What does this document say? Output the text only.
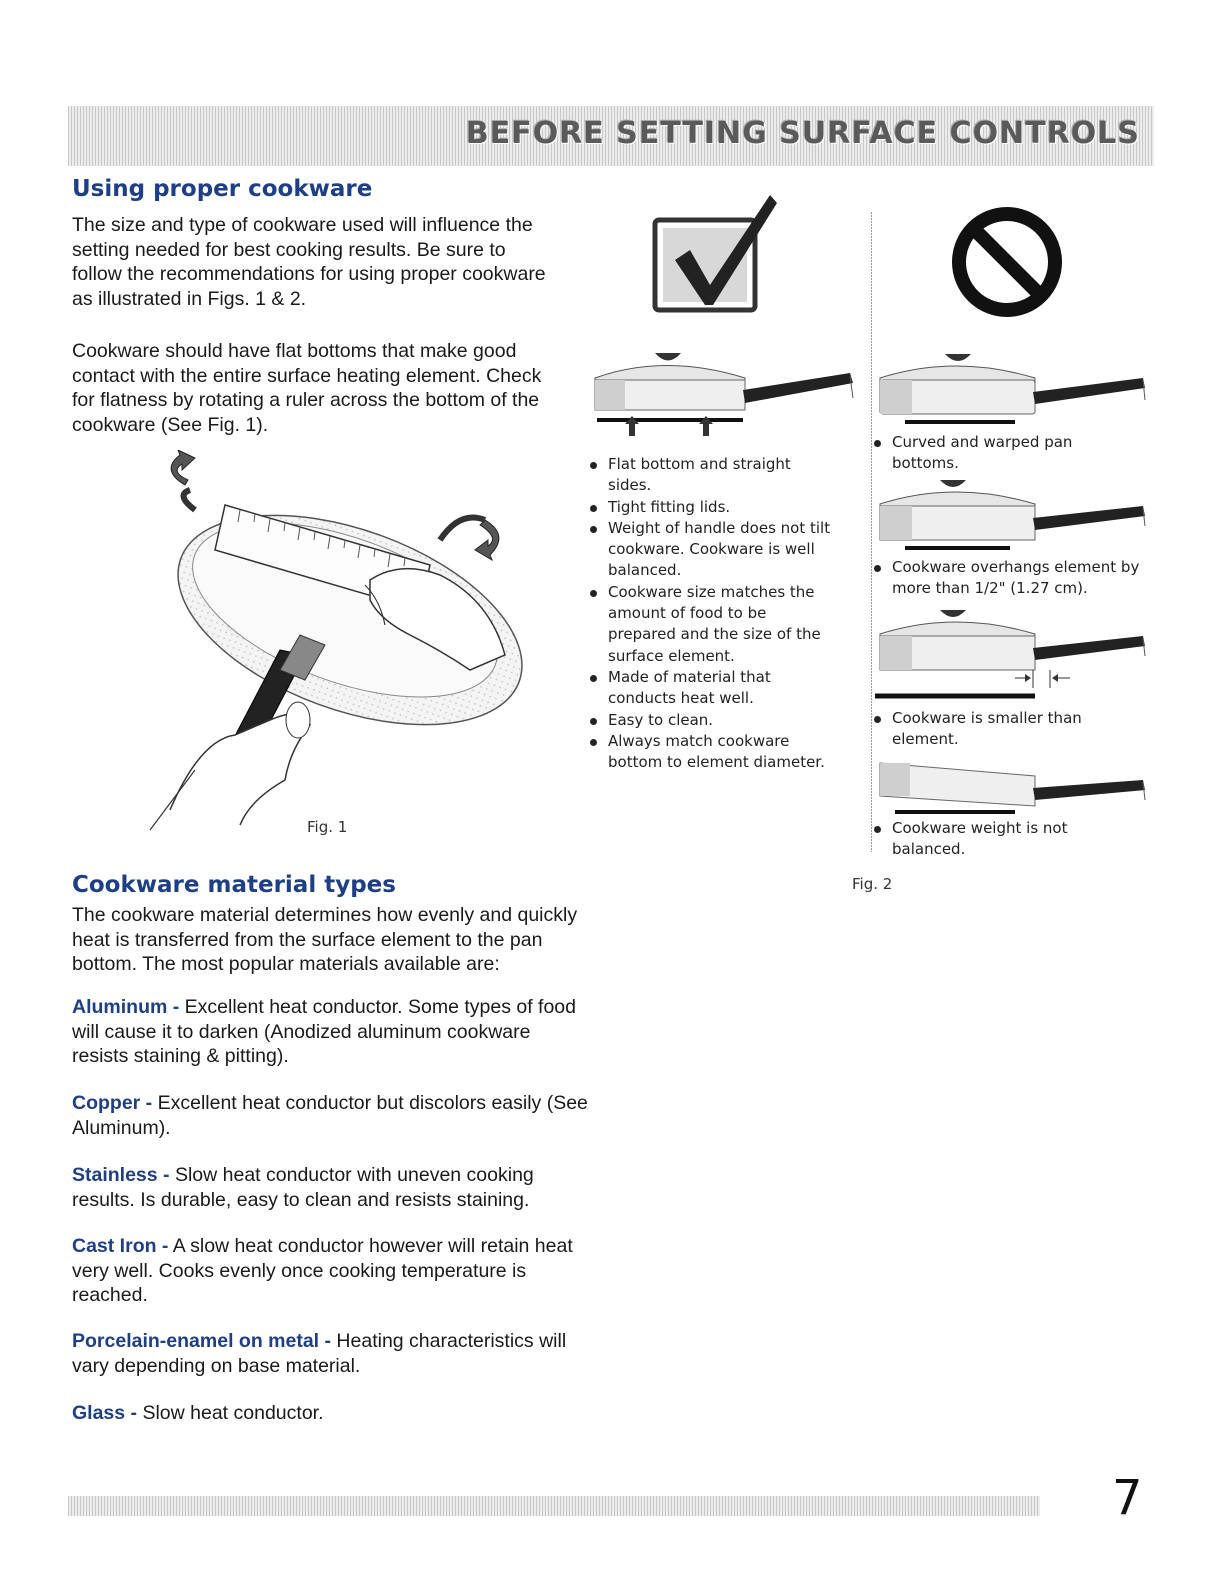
BEFORE SETTING SURFACE CONTROLS
Using proper cookware

The size and type of cookware used will influence the setting needed for best cooking results. Be sure to follow the recommendations for using proper cookware as illustrated in Figs. 1 & 2.

Cookware should have flat bottoms that make good contact with the entire surface heating element. Check for flatness by rotating a ruler across the bottom of the cookware (See Fig. 1).

Fig. 1
Flat bottom and straight sides.
Tight fitting lids.
Weight of handle does not tilt cookware. Cookware is well balanced.
Cookware size matches the amount of food to be prepared and the size of the surface element.
Made of material that conducts heat well.
Easy to clean.
Always match cookware bottom to element diameter.
Curved and warped pan bottoms.
Cookware overhangs element by more than 1/2" (1.27 cm).
Cookware is smaller than element.
Cookware weight is not balanced.
Fig. 2
Cookware material types

The cookware material determines how evenly and quickly heat is transferred from the surface element to the pan bottom. The most popular materials available are:

Aluminum - Excellent heat conductor. Some types of food will cause it to darken (Anodized aluminum cookware resists staining & pitting).

Copper - Excellent heat conductor but discolors easily (See Aluminum).

Stainless - Slow heat conductor with uneven cooking results. Is durable, easy to clean and resists staining.

Cast Iron - A slow heat conductor however will retain heat very well. Cooks evenly once cooking temperature is reached.

Porcelain-enamel on metal - Heating characteristics will vary depending on base material.

Glass - Slow heat conductor.

7
